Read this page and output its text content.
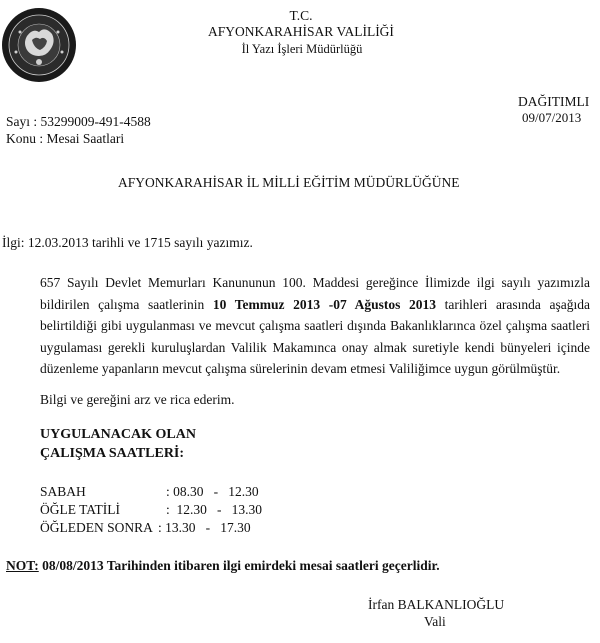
T.C.
AFYONKARAHİSAR VALİLİĞİ
İl Yazı İşleri Müdürlüğü
DAĞITIMLI
09/07/2013
Sayı : 53299009-491-4588
Konu : Mesai Saatlari
AFYONKARAHİSAR İL MİLLİ EĞİTİM MÜDÜRLÜĞÜNE
İlgi: 12.03.2013 tarihli ve 1715 sayılı yazımız.
657 Sayılı Devlet Memurları Kanununun 100. Maddesi gereğince İlimizde ilgi sayılı yazımızla bildirilen çalışma saatlerinin 10 Temmuz 2013 -07 Ağustos 2013 tarihleri arasında aşağıda belirtildiği gibi uygulanması ve mevcut çalışma saatleri dışında Bakanlıklarınca özel çalışma saatleri uygulaması gerekli kuruluşlardan Valilik Makamınca onay almak suretiyle kendi bünyeleri içinde düzenleme yapanların mevcut çalışma sürelerinin devam etmesi Valiliğimce uygun görülmüştür.
Bilgi ve gereğini arz ve rica ederim.
UYGULANACAK OLAN
ÇALIŞMA SAATLERİ:
SABAH	: 08.30   -   12.30
ÖĞLE TATİLİ	:  12.30   -   13.30
ÖĞLEDEN SONRA : 13.30   -   17.30
NOT: 08/08/2013 Tarihinden itibaren ilgi emirdeki mesai saatleri geçerlidir.
İrfan BALKANLIOĞLU
Vali
